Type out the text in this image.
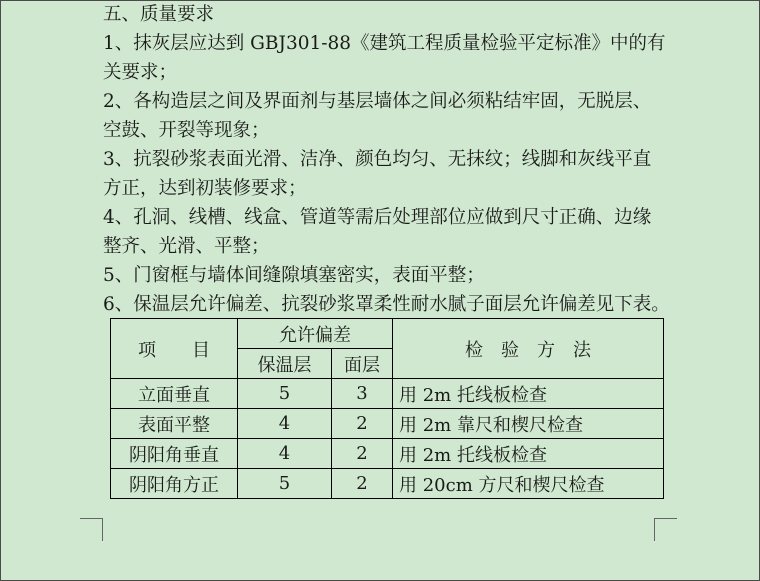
五、质量要求
1、抹灰层应达到 GBJ301-88《建筑工程质量检验平定标准》中的有
关要求；
2、各构造层之间及界面剂与基层墙体之间必须粘结牢固，无脱层、
空鼓、开裂等现象；
3、抗裂砂浆表面光滑、洁净、颜色均匀、无抹纹；线脚和灰线平直
方正，达到初装修要求；
4、孔洞、线槽、线盒、管道等需后处理部位应做到尺寸正确、边缘
整齐、光滑、平整；
5、门窗框与墙体间缝隙填塞密实，表面平整；
6、保温层允许偏差、抗裂砂浆罩柔性耐水腻子面层允许偏差见下表。
项　　目	允许偏差		检　验　方　法
	保温层	面层	
立面垂直	5	3	用 2m 托线板检查
表面平整	4	2	用 2m 靠尺和楔尺检查
阴阳角垂直	4	2	用 2m 托线板检查
阴阳角方正	5	2	用 20cm 方尺和楔尺检查
